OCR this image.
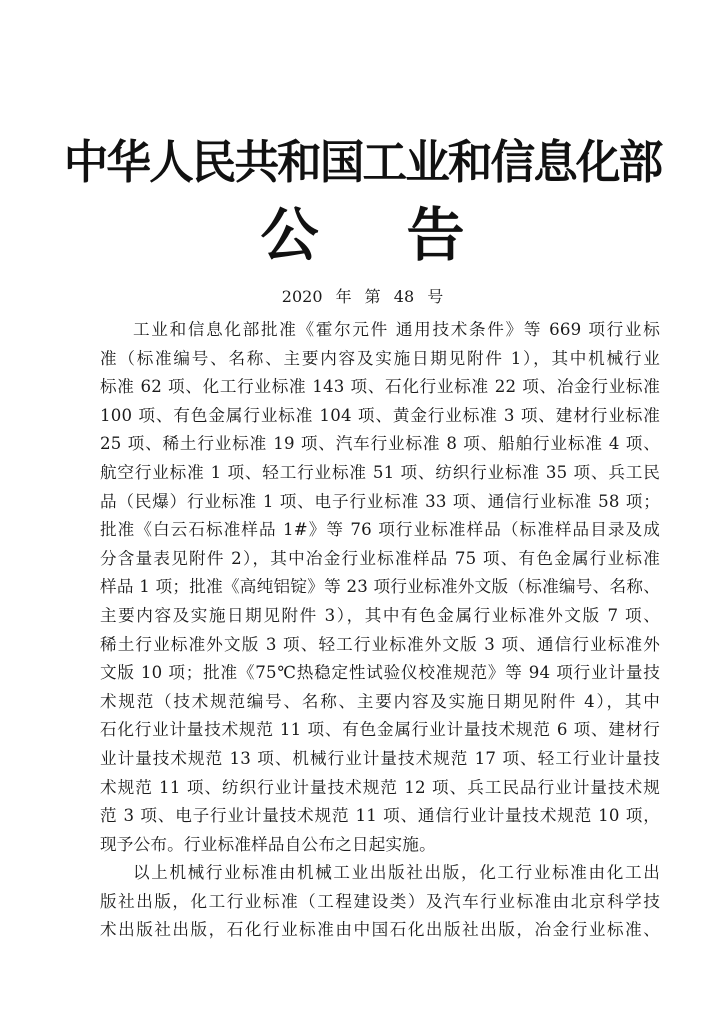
中华人民共和国工业和信息化部
公告

2020 年 第 48 号

工业和信息化部批准《霍尔元件 通用技术条件》等 669 项行业标
准（标准编号、名称、主要内容及实施日期见附件 1），其中机械行业
标准 62 项、化工行业标准 143 项、石化行业标准 22 项、冶金行业标准
100 项、有色金属行业标准 104 项、黄金行业标准 3 项、建材行业标准
25 项、稀土行业标准 19 项、汽车行业标准 8 项、船舶行业标准 4 项、
航空行业标准 1 项、轻工行业标准 51 项、纺织行业标准 35 项、兵工民
品（民爆）行业标准 1 项、电子行业标准 33 项、通信行业标准 58 项；
批准《白云石标准样品 1#》等 76 项行业标准样品（标准样品目录及成
分含量表见附件 2），其中冶金行业标准样品 75 项、有色金属行业标准
样品 1 项；批准《高纯铝锭》等 23 项行业标准外文版（标准编号、名称、
主要内容及实施日期见附件 3），其中有色金属行业标准外文版 7 项、
稀土行业标准外文版 3 项、轻工行业标准外文版 3 项、通信行业标准外
文版 10 项；批准《75℃热稳定性试验仪校准规范》等 94 项行业计量技
术规范（技术规范编号、名称、主要内容及实施日期见附件 4），其中
石化行业计量技术规范 11 项、有色金属行业计量技术规范 6 项、建材行
业计量技术规范 13 项、机械行业计量技术规范 17 项、轻工行业计量技
术规范 11 项、纺织行业计量技术规范 12 项、兵工民品行业计量技术规
范 3 项、电子行业计量技术规范 11 项、通信行业计量技术规范 10 项，
现予公布。行业标准样品自公布之日起实施。
以上机械行业标准由机械工业出版社出版，化工行业标准由化工出
版社出版，化工行业标准（工程建设类）及汽车行业标准由北京科学技
术出版社出版，石化行业标准由中国石化出版社出版，冶金行业标准、
